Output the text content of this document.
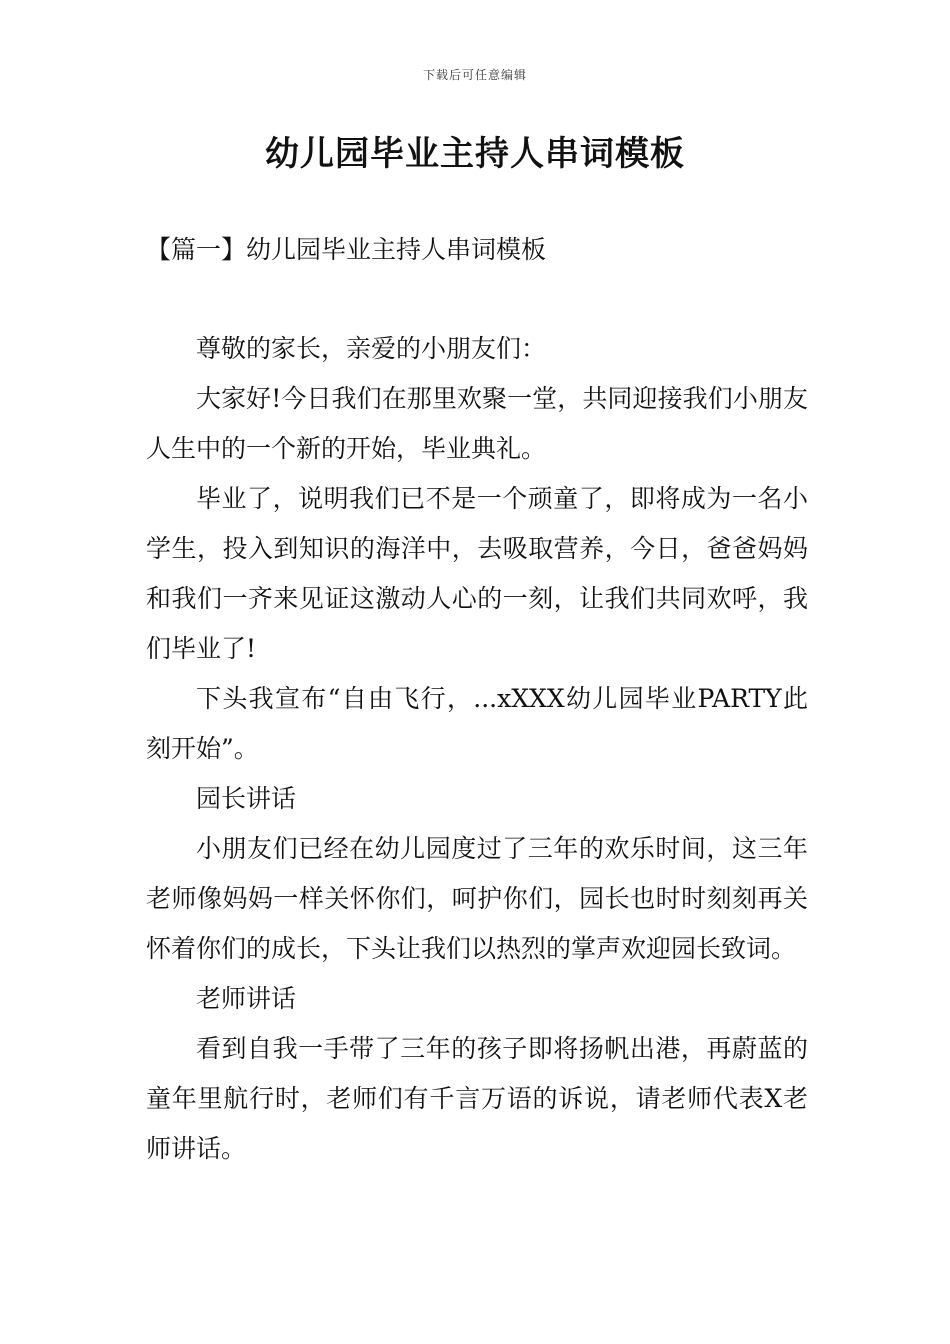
下载后可任意编辑
幼儿园毕业主持人串词模板
【篇一】幼儿园毕业主持人串词模板

尊敬的家长，亲爱的小朋友们：

大家好!今日我们在那里欢聚一堂，共同迎接我们小朋友人生中的一个新的开始，毕业典礼。

毕业了，说明我们已不是一个顽童了，即将成为一名小学生，投入到知识的海洋中，去吸取营养，今日，爸爸妈妈和我们一齐来见证这激动人心的一刻，让我们共同欢呼，我们毕业了!

下头我宣布“自由飞行，...xXXX幼儿园毕业PARTY此刻开始”。

园长讲话

小朋友们已经在幼儿园度过了三年的欢乐时间，这三年老师像妈妈一样关怀你们，呵护你们，园长也时时刻刻再关怀着你们的成长，下头让我们以热烈的掌声欢迎园长致词。

老师讲话

看到自我一手带了三年的孩子即将扬帆出港，再蔚蓝的童年里航行时，老师们有千言万语的诉说，请老师代表X老师讲话。
